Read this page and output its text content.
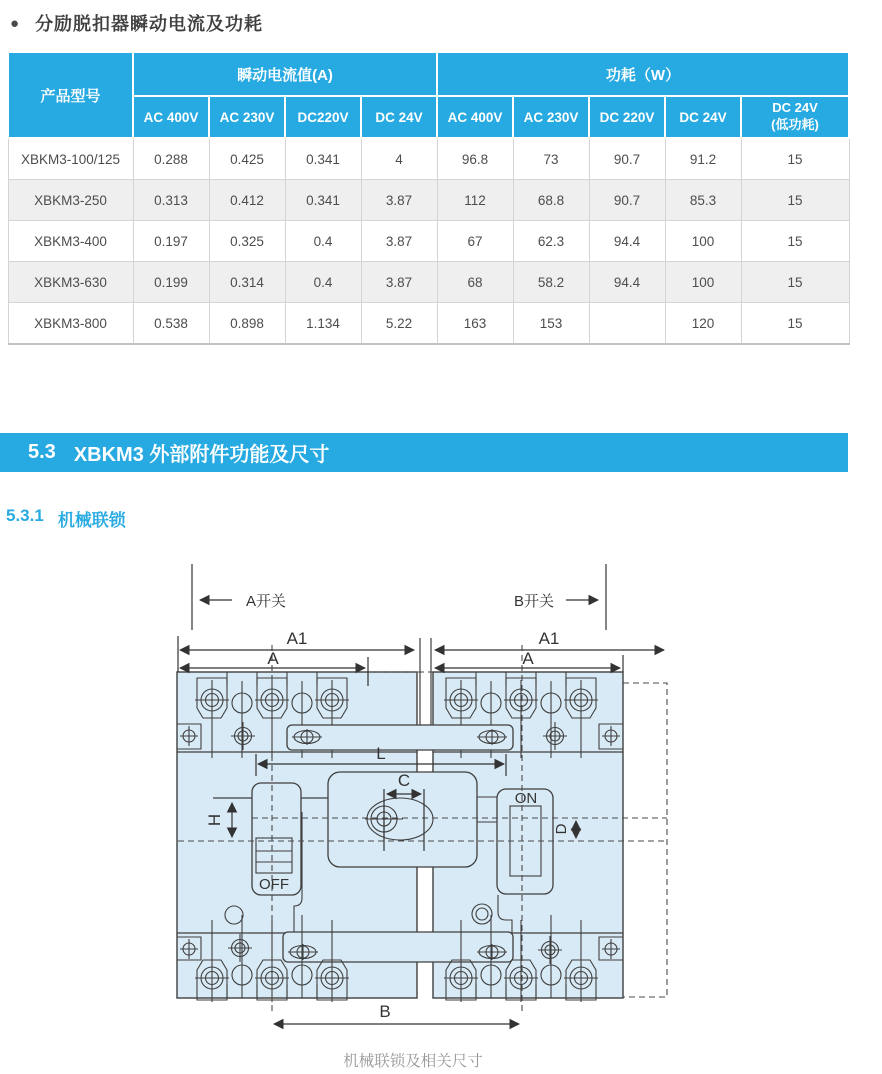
● 分励脱扣器瞬动电流及功耗
产品型号	瞬动电流值(A)				功耗（W）				
	AC 400V	AC 230V	DC220V	DC 24V	AC 400V	AC 230V	DC 220V	DC 24V	DC 24V
(低功耗)

XBKM3-100/125	0.288	0.425	0.341	4	96.8	73	90.7	91.2	15
XBKM3-250	0.313	0.412	0.341	3.87	112	68.8	90.7	85.3	15
XBKM3-400	0.197	0.325	0.4	3.87	67	62.3	94.4	100	15
XBKM3-630	0.199	0.314	0.4	3.87	68	58.2	94.4	100	15
XBKM3-800	0.538	0.898	1.134	5.22	163	153		120	15
5.3 XBKM3 外部附件功能及尺寸
5.3.1 机械联锁
OFF
ON
A开关	B开关
A1
A
A1
A
L
C
H
D
B
机械联锁及相关尺寸
